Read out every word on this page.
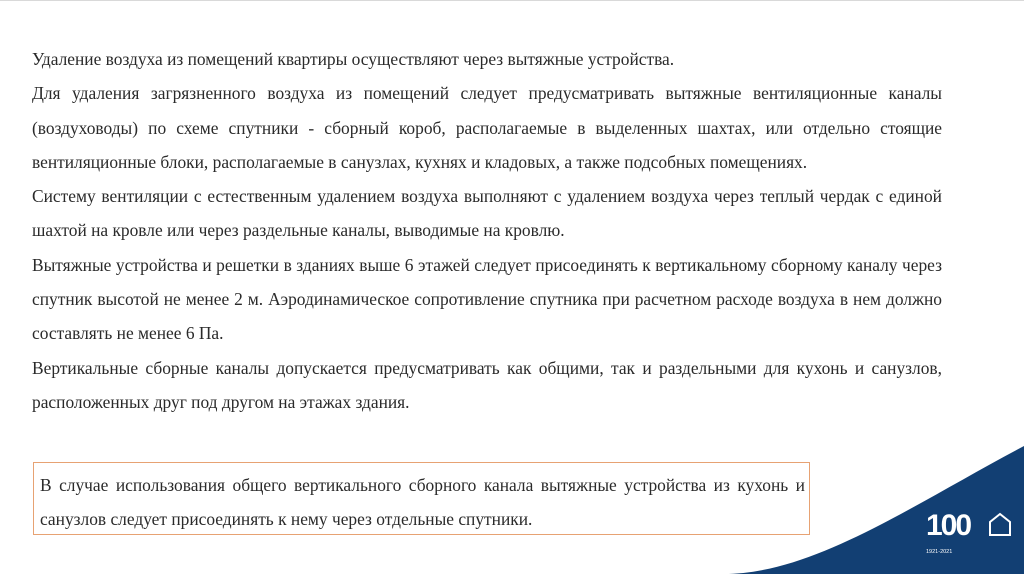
Удаление воздуха из помещений квартиры осуществляют через вытяжные устройства.

Для удаления загрязненного воздуха из помещений следует предусматривать вытяжные вентиляционные каналы (воздуховоды) по схеме спутники - сборный короб, располагаемые в выделенных шахтах, или отдельно стоящие вентиляционные блоки, располагаемые в санузлах, кухнях и кладовых, а также подсобных помещениях.

Систему вентиляции с естественным удалением воздуха выполняют с удалением воздуха через теплый чердак с единой шахтой на кровле или через раздельные каналы, выводимые на кровлю.

Вытяжные устройства и решетки в зданиях выше 6 этажей следует присоединять к вертикальному сборному каналу через спутник высотой не менее 2 м. Аэродинамическое сопротивление спутника при расчетном расходе воздуха в нем должно составлять не менее 6 Па.

Вертикальные сборные каналы допускается предусматривать как общими, так и раздельными для кухонь и санузлов, расположенных друг под другом на этажах здания.

В случае использования общего вертикального сборного канала вытяжные устройства из кухонь и санузлов следует присоединять к нему через отдельные спутники.	100
1921-2021
